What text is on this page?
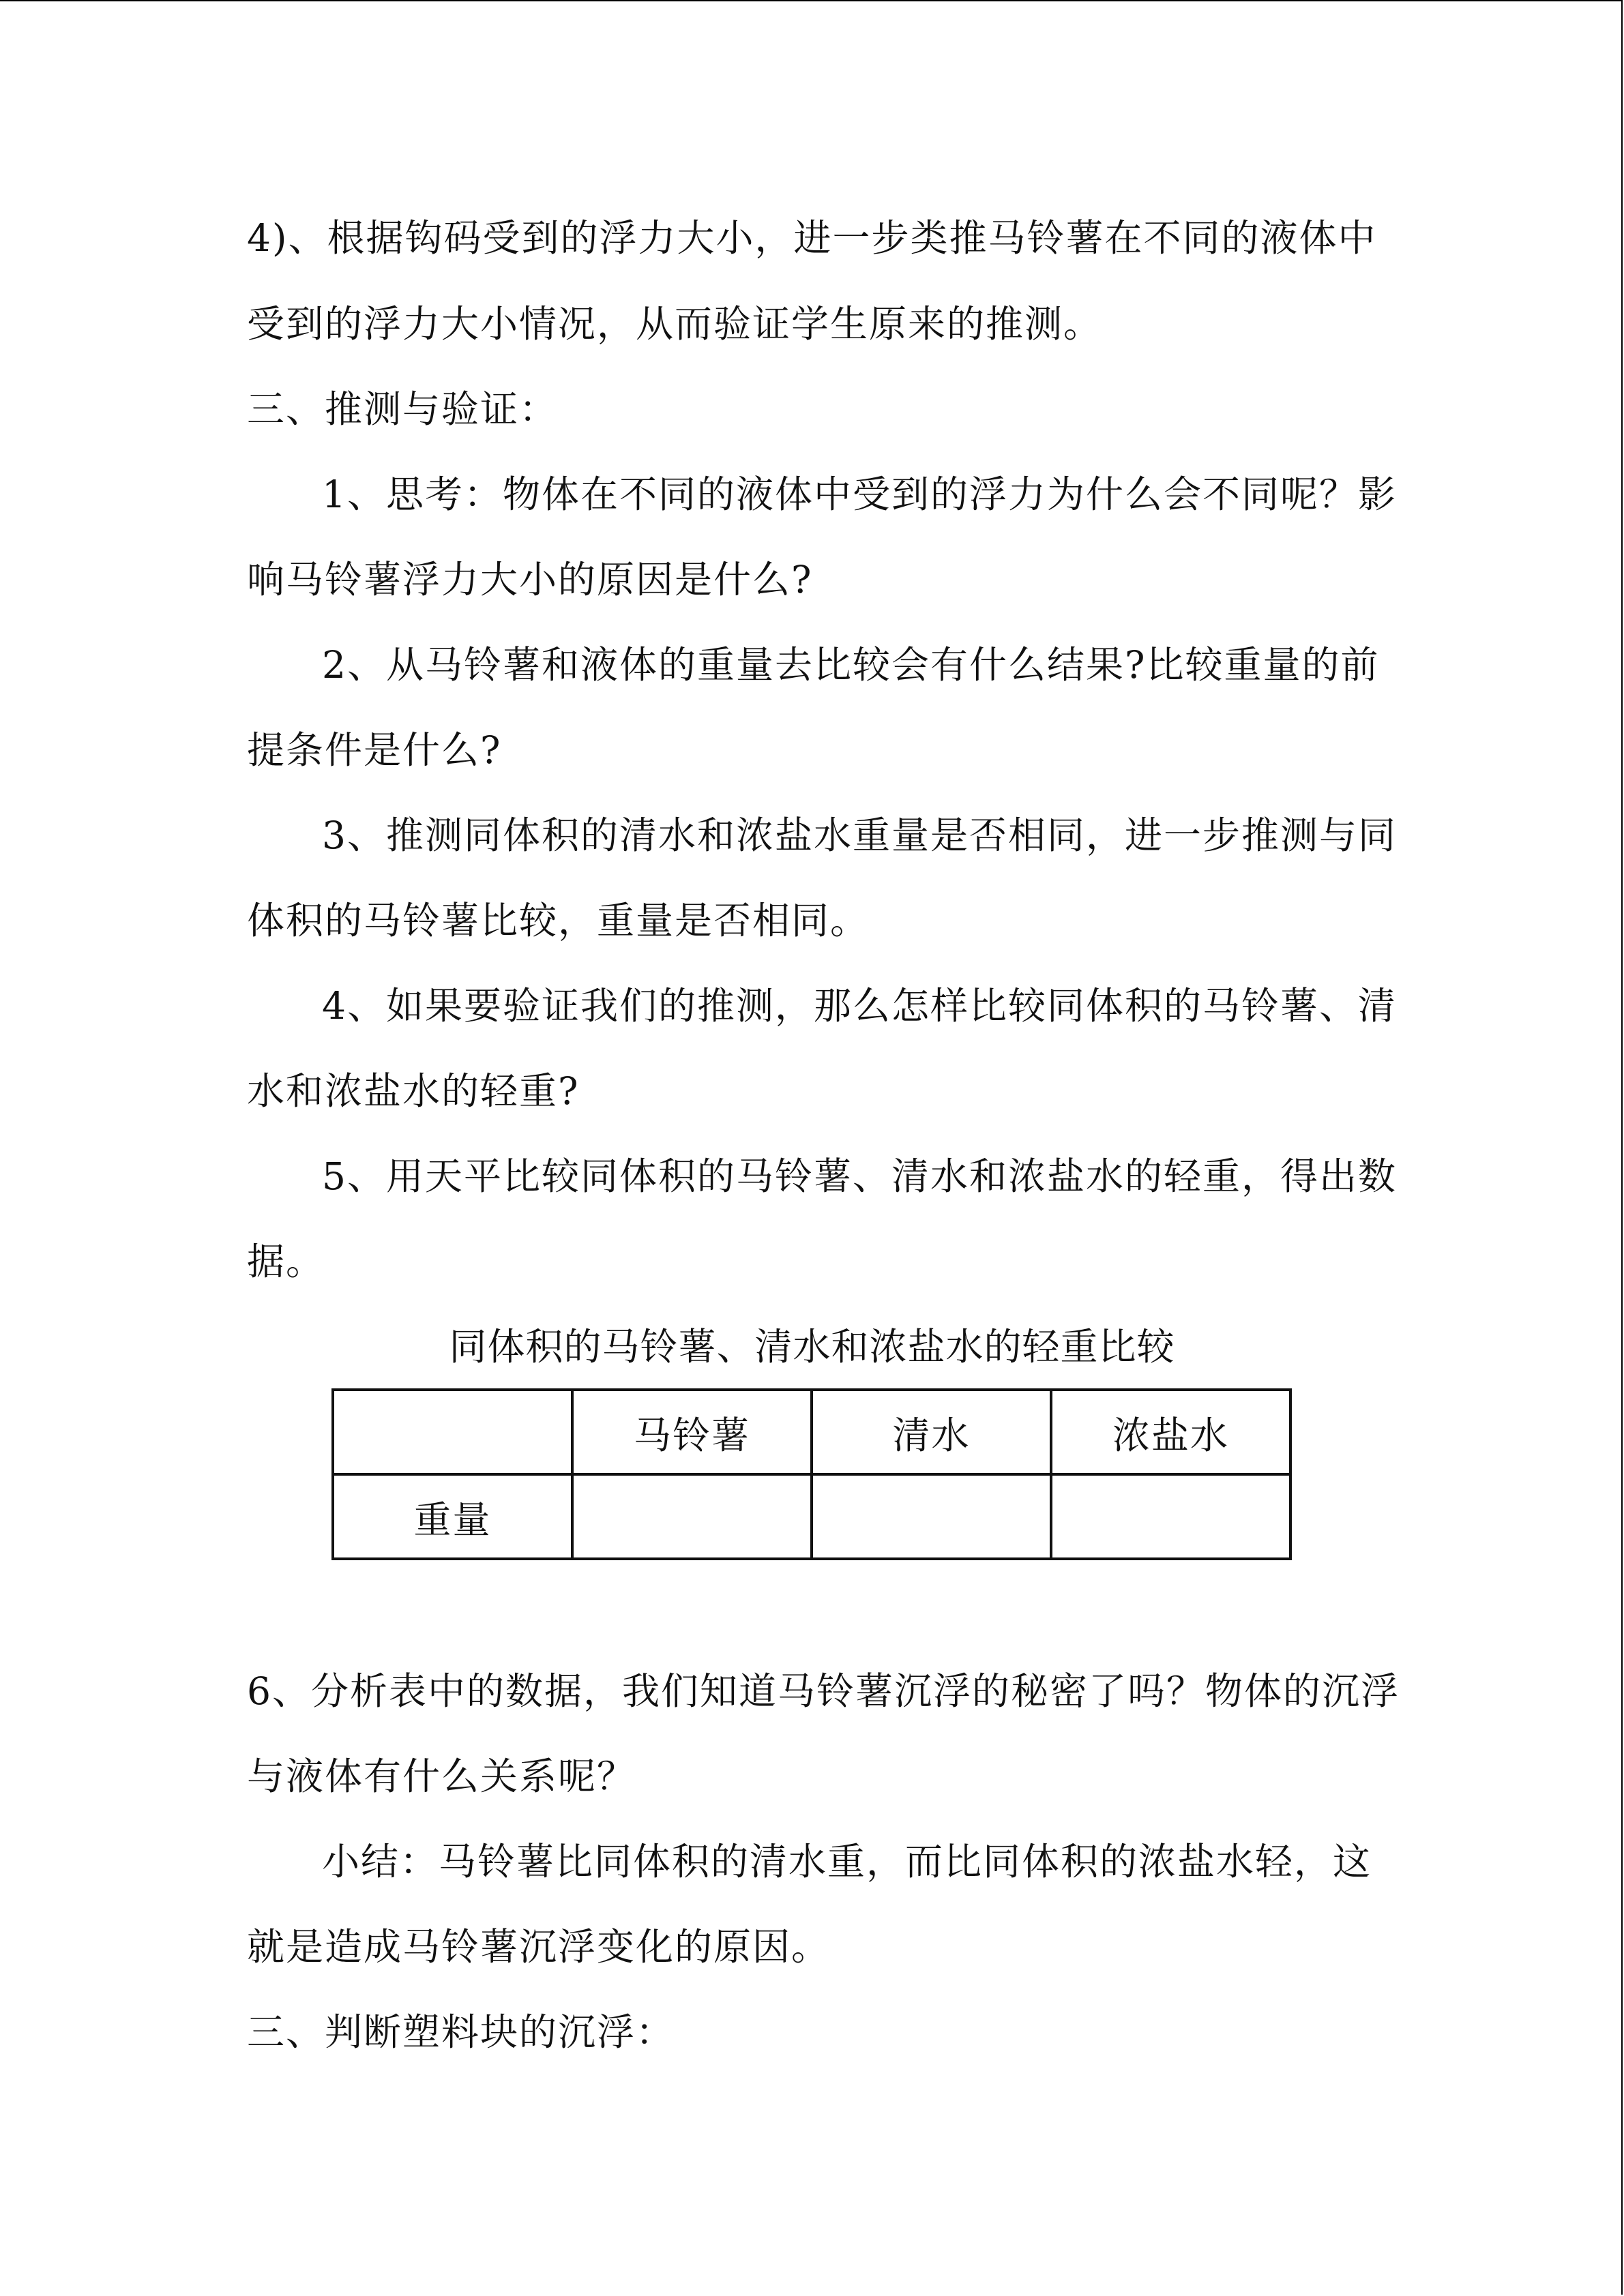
4)、根据钩码受到的浮力大小，进一步类推马铃薯在不同的液体中
受到的浮力大小情况，从而验证学生原来的推测。
三、推测与验证：
1、思考：物体在不同的液体中受到的浮力为什么会不同呢？影
响马铃薯浮力大小的原因是什么?
2、从马铃薯和液体的重量去比较会有什么结果?比较重量的前
提条件是什么?
3、推测同体积的清水和浓盐水重量是否相同，进一步推测与同
体积的马铃薯比较，重量是否相同。
4、如果要验证我们的推测，那么怎样比较同体积的马铃薯、清
水和浓盐水的轻重?
5、用天平比较同体积的马铃薯、清水和浓盐水的轻重，得出数
据。
同体积的马铃薯、清水和浓盐水的轻重比较
	马铃薯	清水	浓盐水
重量			
6、分析表中的数据，我们知道马铃薯沉浮的秘密了吗？物体的沉浮
与液体有什么关系呢？
小结：马铃薯比同体积的清水重，而比同体积的浓盐水轻，这
就是造成马铃薯沉浮变化的原因。
三、判断塑料块的沉浮：
